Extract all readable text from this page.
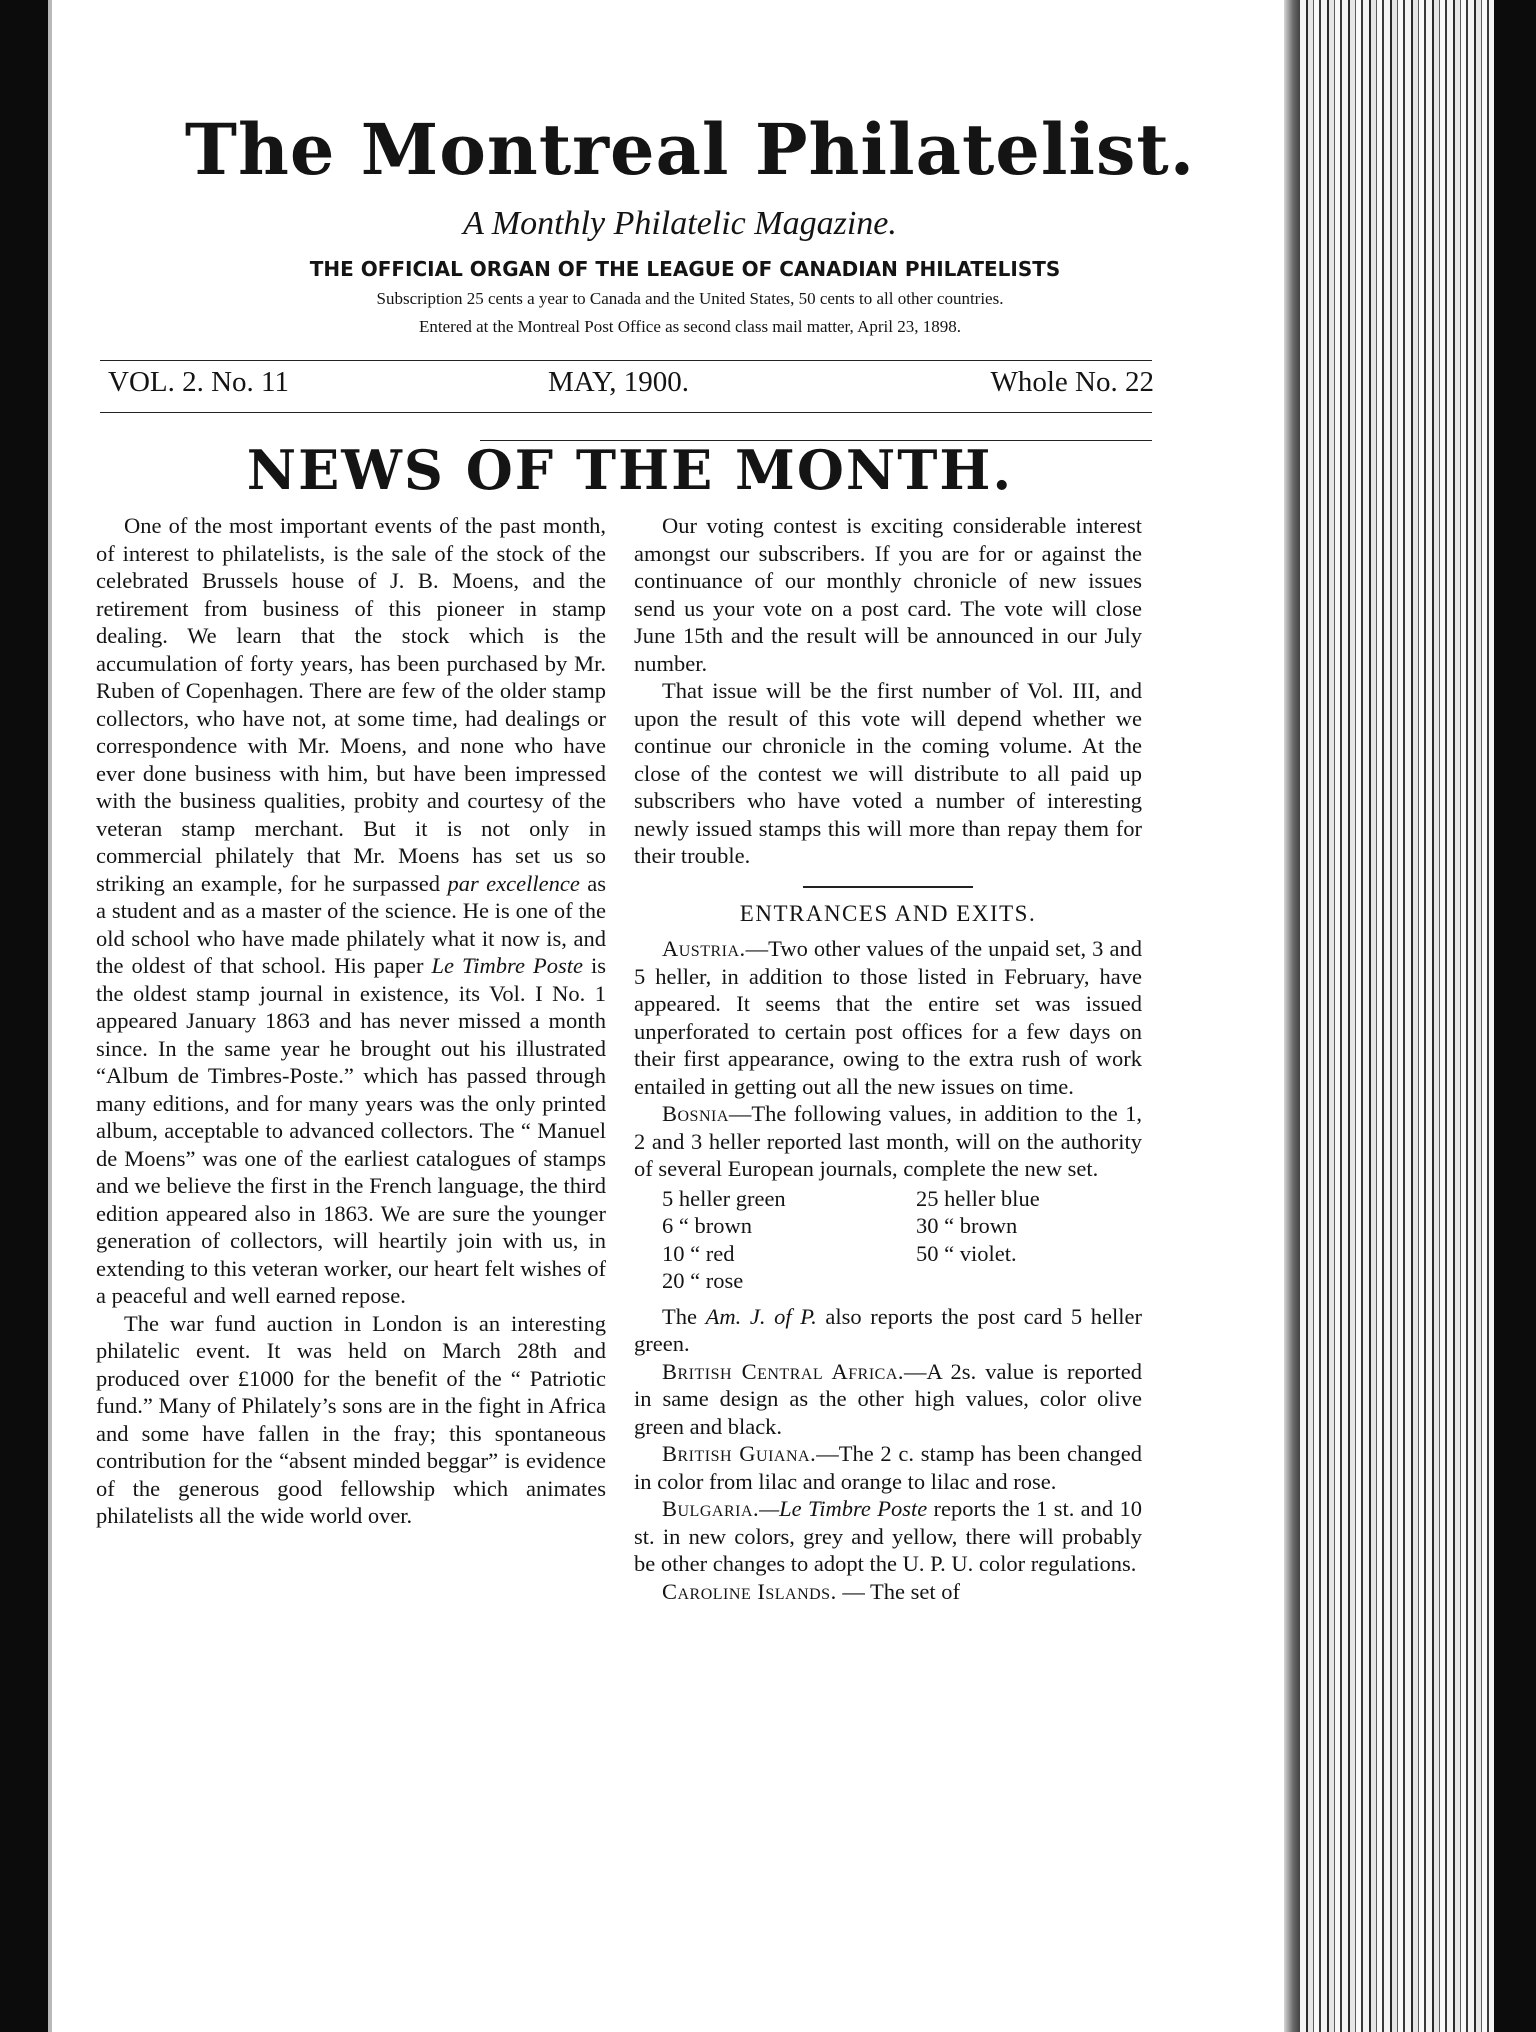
The Montreal Philatelist.
A Monthly Philatelic Magazine.
THE OFFICIAL ORGAN OF THE LEAGUE OF CANADIAN PHILATELISTS
Subscription 25 cents a year to Canada and the United States, 50 cents to all other countries.
Entered at the Montreal Post Office as second class mail matter, April 23, 1898.
VOL. 2. No. 11	MAY, 1900.	Whole No. 22
NEWS OF THE MONTH.

One of the most important events of the past month, of interest to philatelists, is the sale of the stock of the celebrated Brussels house of J. B. Moens, and the retirement from business of this pioneer in stamp dealing. We learn that the stock which is the accumulation of forty years, has been purchased by Mr. Ruben of Copenhagen. There are few of the older stamp collectors, who have not, at some time, had dealings or correspondence with Mr. Moens, and none who have ever done business with him, but have been impressed with the business qualities, probity and courtesy of the veteran stamp merchant. But it is not only in commercial philately that Mr. Moens has set us so striking an example, for he surpassed par excellence as a student and as a master of the science. He is one of the old school who have made philately what it now is, and the oldest of that school. His paper Le Timbre Poste is the oldest stamp journal in existence, its Vol. I No. 1 appeared January 1863 and has never missed a month since. In the same year he brought out his illustrated “Album de Timbres-Poste.” which has passed through many editions, and for many years was the only printed album, acceptable to advanced collectors. The “ Manuel de Moens” was one of the earliest catalogues of stamps and we believe the first in the French language, the third edition appeared also in 1863. We are sure the younger generation of collectors, will heartily join with us, in extending to this veteran worker, our heart felt wishes of a peaceful and well earned repose.

The war fund auction in London is an interesting philatelic event. It was held on March 28th and produced over £1000 for the benefit of the “ Patriotic fund.” Many of Philately’s sons are in the fight in Africa and some have fallen in the fray; this spontaneous contribution for the “absent minded beggar” is evidence of the generous good fellowship which animates philatelists all the wide world over.

Our voting contest is exciting considerable interest amongst our subscribers. If you are for or against the continuance of our monthly chronicle of new issues send us your vote on a post card. The vote will close June 15th and the result will be announced in our July number.

That issue will be the first number of Vol. III, and upon the result of this vote will depend whether we continue our chronicle in the coming volume. At the close of the contest we will distribute to all paid up subscribers who have voted a number of interesting newly issued stamps this will more than repay them for their trouble.

ENTRANCES AND EXITS.

Austria.—Two other values of the unpaid set, 3 and 5 heller, in addition to those listed in February, have appeared. It seems that the entire set was issued unperforated to certain post offices for a few days on their first appearance, owing to the extra rush of work entailed in getting out all the new issues on time.

Bosnia—The following values, in addition to the 1, 2 and 3 heller reported last month, will on the authority of several European journals, complete the new set.

5 heller green	25 heller blue
6 “ brown	30 “ brown
10 “ red	50 “ violet.
20 “ rose	

The Am. J. of P. also reports the post card 5 heller green.

British Central Africa.—A 2s. value is reported in same design as the other high values, color olive green and black.

British Guiana.—The 2 c. stamp has been changed in color from lilac and orange to lilac and rose.

Bulgaria.—Le Timbre Poste reports the 1 st. and 10 st. in new colors, grey and yellow, there will probably be other changes to adopt the U. P. U. color regulations.

Caroline Islands. — The set of
